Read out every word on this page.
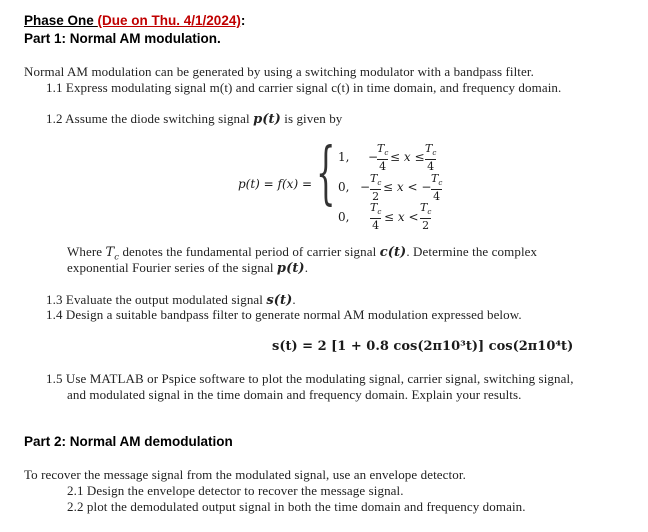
Phase One (Due on Thu. 4/1/2024):
Part 1: Normal AM modulation.
Normal AM modulation can be generated by using a switching modulator with a bandpass filter.
1.1 Express modulating signal m(t) and carrier signal c(t) in time domain, and frequency domain.
1.2 Assume the diode switching signal p(t) is given by
p(t) = f(x) = { 1, −
$T_c$
4
≤ x ≤
$T_c$
4
0, −
$T_c$
2
≤ x < −
$T_c$
4
0,
$T_c$
4
≤ x <
$T_c$
2
Where $T_c$ denotes the fundamental period of carrier signal c(t). Determine the complex
exponential Fourier series of the signal p(t).
1.3 Evaluate the output modulated signal s(t).
1.4 Design a suitable bandpass filter to generate normal AM modulation expressed below.
s(t) = 2 [1 + 0.8 cos(2π10³t)] cos(2π10⁴t)
1.5 Use MATLAB or Pspice software to plot the modulating signal, carrier signal, switching signal,
and modulated signal in the time domain and frequency domain. Explain your results.
Part 2: Normal AM demodulation
To recover the message signal from the modulated signal, use an envelope detector.
2.1 Design the envelope detector to recover the message signal.
2.2 plot the demodulated output signal in both the time domain and frequency domain.
